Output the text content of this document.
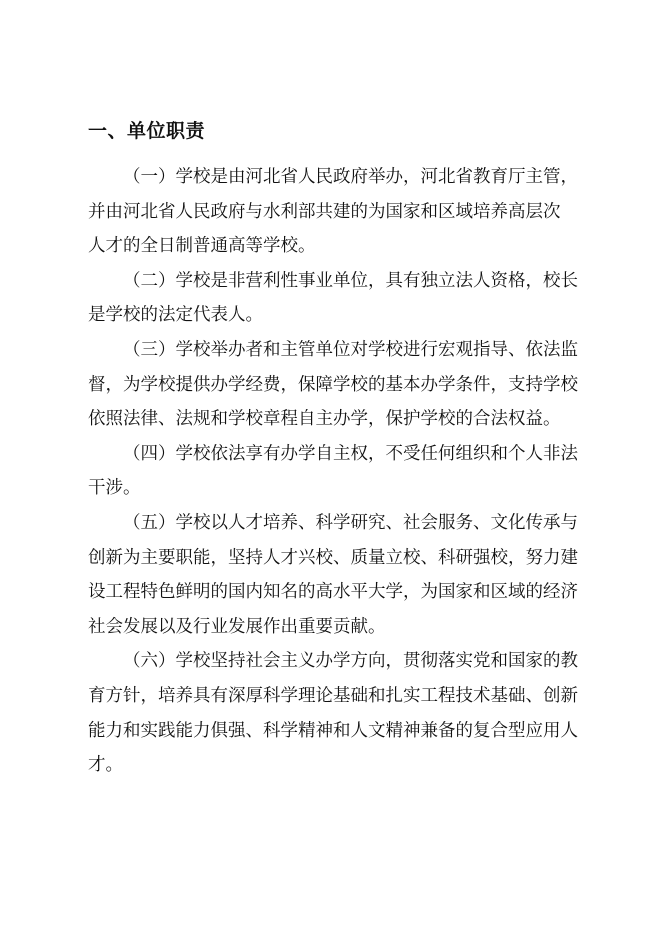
一、单位职责

（一）学校是由河北省人民政府举办，河北省教育厅主管，
并由河北省人民政府与水利部共建的为国家和区域培养高层次
人才的全日制普通高等学校。

（二）学校是非营利性事业单位，具有独立法人资格，校长
是学校的法定代表人。

（三）学校举办者和主管单位对学校进行宏观指导、依法监
督，为学校提供办学经费，保障学校的基本办学条件，支持学校
依照法律、法规和学校章程自主办学，保护学校的合法权益。

（四）学校依法享有办学自主权，不受任何组织和个人非法
干涉。

（五）学校以人才培养、科学研究、社会服务、文化传承与
创新为主要职能，坚持人才兴校、质量立校、科研强校，努力建
设工程特色鲜明的国内知名的高水平大学，为国家和区域的经济
社会发展以及行业发展作出重要贡献。

（六）学校坚持社会主义办学方向，贯彻落实党和国家的教
育方针，培养具有深厚科学理论基础和扎实工程技术基础、创新
能力和实践能力俱强、科学精神和人文精神兼备的复合型应用人
才。
